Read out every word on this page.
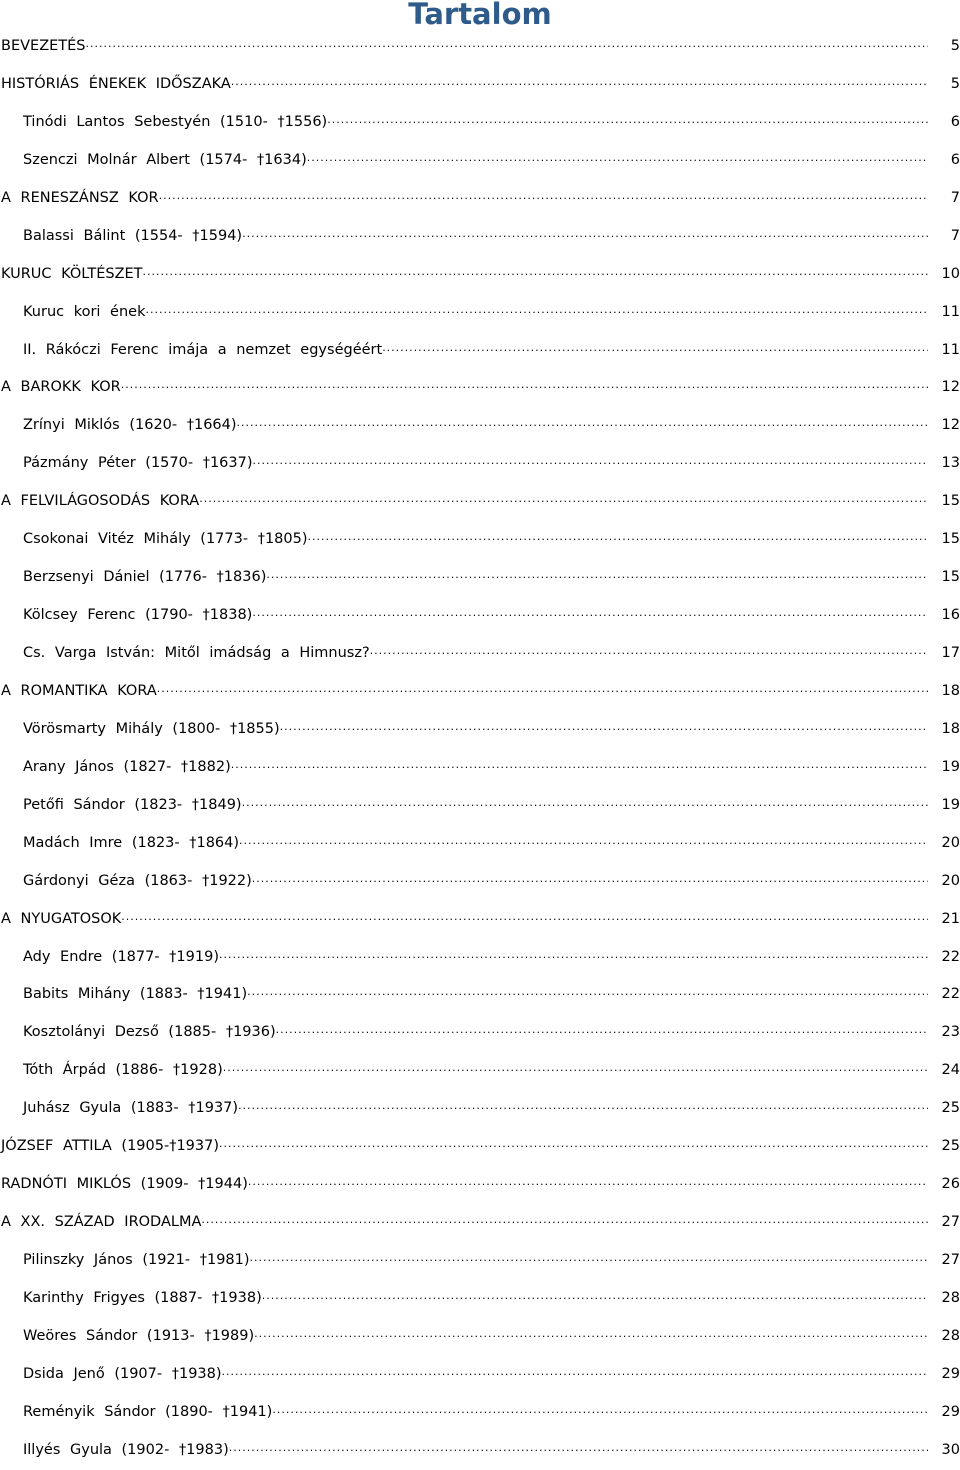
Tartalom
BEVEZETÉS .....	5
HISTÓRIÁS ÉNEKEK IDŐSZAKA .....	5
Tinódi Lantos Sebestyén (1510- †1556) .....	6
Szenczi Molnár Albert (1574- †1634) .....	6
A RENESZÁNSZ KOR .....	7
Balassi Bálint (1554- †1594) .....	7
KURUC KÖLTÉSZET .....	10
Kuruc kori ének .....	11
II. Rákóczi Ferenc imája a nemzet egységéért .....	11
A BAROKK KOR .....	12
Zrínyi Miklós (1620- †1664) .....	12
Pázmány Péter (1570- †1637) .....	13
A FELVILÁGOSODÁS KORA .....	15
Csokonai Vitéz Mihály (1773- †1805) .....	15
Berzsenyi Dániel (1776- †1836) .....	15
Kölcsey Ferenc (1790- †1838) .....	16
Cs. Varga István: Mitől imádság a Himnusz? .....	17
A ROMANTIKA KORA .....	18
Vörösmarty Mihály (1800- †1855) .....	18
Arany János (1827- †1882) .....	19
Petőfi Sándor (1823- †1849) .....	19
Madách Imre (1823- †1864) .....	20
Gárdonyi Géza (1863- †1922) .....	20
A NYUGATOSOK .....	21
Ady Endre (1877- †1919) .....	22
Babits Mihány (1883- †1941) .....	22
Kosztolányi Dezső (1885- †1936) .....	23
Tóth Árpád (1886- †1928) .....	24
Juhász Gyula (1883- †1937) .....	25
JÓZSEF ATTILA (1905-†1937) .....	25
RADNÓTI MIKLÓS (1909- †1944) .....	26
A XX. SZÁZAD IRODALMA .....	27
Pilinszky János (1921- †1981) .....	27
Karinthy Frigyes (1887- †1938) .....	28
Weöres Sándor (1913- †1989) .....	28
Dsida Jenő (1907- †1938) .....	29
Reményik Sándor (1890- †1941) .....	29
Illyés Gyula (1902- †1983) .....	30
